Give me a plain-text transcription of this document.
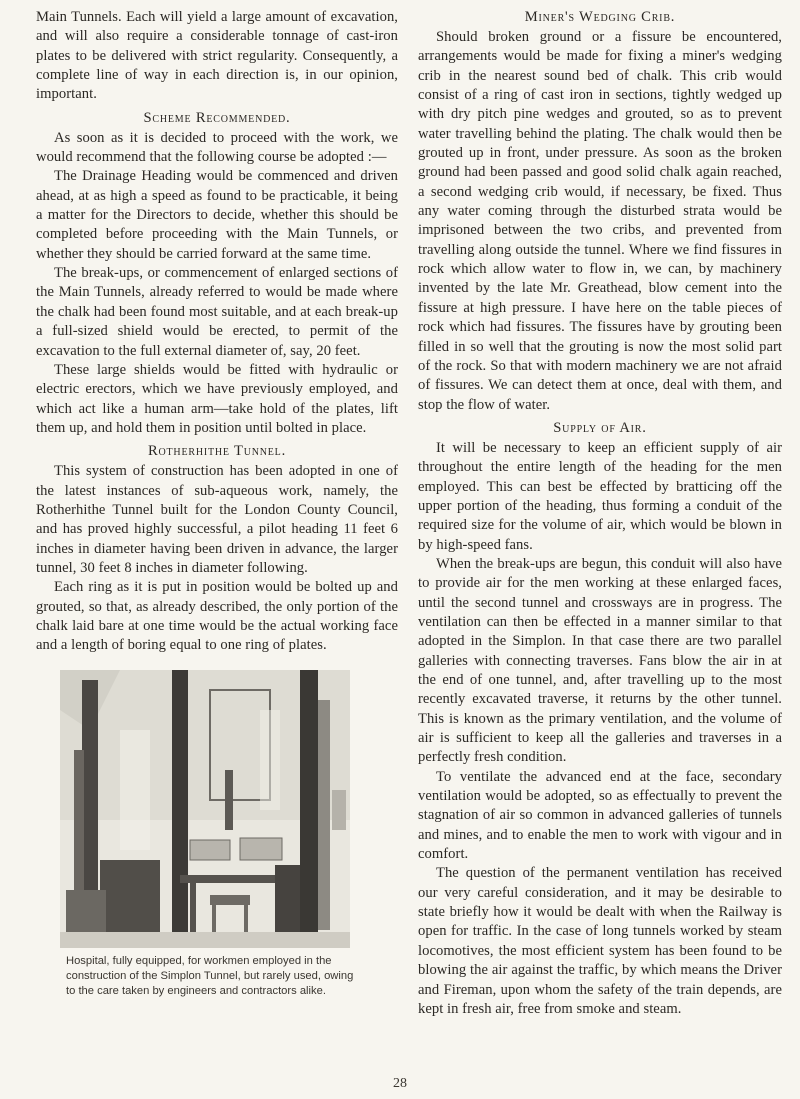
Main Tunnels. Each will yield a large amount of excavation, and will also require a considerable tonnage of cast-iron plates to be delivered with strict regularity. Consequently, a complete line of way in each direction is, in our opinion, important.

Scheme Recommended.

As soon as it is decided to proceed with the work, we would recommend that the following course be adopted :—

The Drainage Heading would be commenced and driven ahead, at as high a speed as found to be practicable, it being a matter for the Directors to decide, whether this should be completed before proceeding with the Main Tunnels, or whether they should be carried forward at the same time.

The break-ups, or commencement of enlarged sections of the Main Tunnels, already referred to would be made where the chalk had been found most suitable, and at each break-up a full-sized shield would be erected, to permit of the excavation to the full external diameter of, say, 20 feet.

These large shields would be fitted with hydraulic or electric erectors, which we have previously employed, and which act like a human arm—take hold of the plates, lift them up, and hold them in position until bolted in place.

Rotherhithe Tunnel.

This system of construction has been adopted in one of the latest instances of sub-aqueous work, namely, the Rotherhithe Tunnel built for the London County Council, and has proved highly successful, a pilot heading 11 feet 6 inches in diameter having been driven in advance, the larger tunnel, 30 feet 8 inches in diameter following.

Each ring as it is put in position would be bolted up and grouted, so that, as already described, the only portion of the chalk laid bare at one time would be the actual working face and a length of boring equal to one ring of plates.

Hospital, fully equipped, for workmen employed in the construction of the Simplon Tunnel, but rarely used, owing to the care taken by engineers and contractors alike.
Miner's Wedging Crib.

Should broken ground or a fissure be encountered, arrangements would be made for fixing a miner's wedging crib in the nearest sound bed of chalk. This crib would consist of a ring of cast iron in sections, tightly wedged up with dry pitch pine wedges and grouted, so as to prevent water travelling behind the plating. The chalk would then be grouted up in front, under pressure. As soon as the broken ground had been passed and good solid chalk again reached, a second wedging crib would, if necessary, be fixed. Thus any water coming through the disturbed strata would be imprisoned between the two cribs, and prevented from travelling along outside the tunnel. Where we find fissures in rock which allow water to flow in, we can, by machinery invented by the late Mr. Greathead, blow cement into the fissure at high pressure. I have here on the table pieces of rock which had fissures. The fissures have by grouting been filled in so well that the grouting is now the most solid part of the rock. So that with modern machinery we are not afraid of fissures. We can detect them at once, deal with them, and stop the flow of water.

Supply of Air.

It will be necessary to keep an efficient supply of air throughout the entire length of the heading for the men employed. This can best be effected by bratticing off the upper portion of the heading, thus forming a conduit of the required size for the volume of air, which would be blown in by high-speed fans.

When the break-ups are begun, this conduit will also have to provide air for the men working at these enlarged faces, until the second tunnel and crossways are in progress. The ventilation can then be effected in a manner similar to that adopted in the Simplon. In that case there are two parallel galleries with connecting traverses. Fans blow the air in at the end of one tunnel, and, after travelling up to the most recently excavated traverse, it returns by the other tunnel. This is known as the primary ventilation, and the volume of air is sufficient to keep all the galleries and traverses in a perfectly fresh condition.

To ventilate the advanced end at the face, secondary ventilation would be adopted, so as effectually to prevent the stagnation of air so common in advanced galleries of tunnels and mines, and to enable the men to work with vigour and in comfort.

The question of the permanent ventilation has received our very careful consideration, and it may be desirable to state briefly how it would be dealt with when the Railway is open for traffic. In the case of long tunnels worked by steam locomotives, the most efficient system has been found to be blowing the air against the traffic, by which means the Driver and Fireman, upon whom the safety of the train depends, are kept in fresh air, free from smoke and steam.

28
